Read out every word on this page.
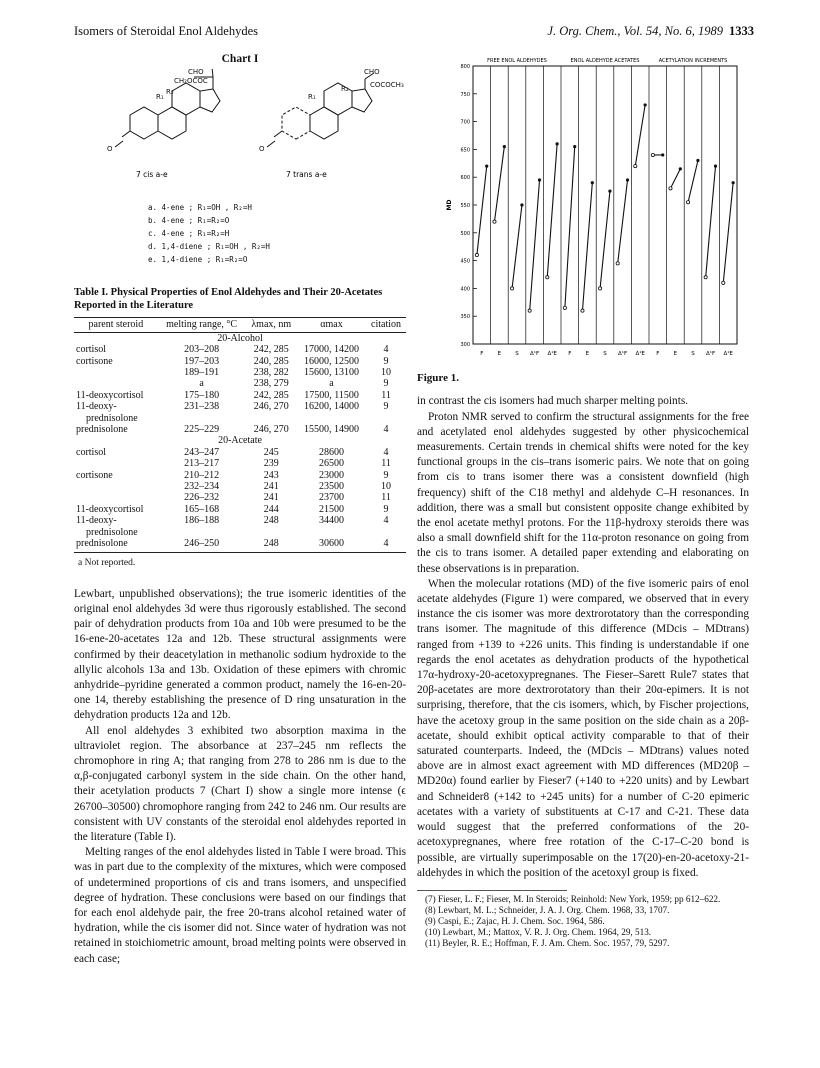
Isomers of Steroidal Enol Aldehydes	J. Org. Chem., Vol. 54, No. 6, 1989 1333
Chart I
CHO
CH₂OCOC
R₂
R₁
O
CHO
COCOCH₃
R₂
R₁
O
7 cis a-e	7 trans a-e
a. 4-ene ; R₁=OH , R₂=H
b. 4-ene ; R₁=R₂=O
c. 4-ene ; R₁=R₂=H
d. 1,4-diene ; R₁=OH , R₂=H
e. 1,4-diene ; R₁=R₂=O
Table I. Physical Properties of Enol Aldehydes and Their 20-Acetates Reported in the Literature
parent steroid	melting range, °C	λmax, nm	αmax	citation

20-Alcohol				
cortisol	203–208	242, 285	17000, 14200	4
cortisone	197–203	240, 285	16000, 12500	9
	189–191	238, 282	15600, 13100	10
	a	238, 279	a	9
11-deoxycortisol	175–180	242, 285	17500, 11500	11
11-deoxy-	231–238	246, 270	16200, 14000	9
 prednisolone				
prednisolone	225–229	246, 270	15500, 14900	4
20-Acetate				
cortisol	243–247	245	28600	4
	213–217	239	26500	11
cortisone	210–212	243	23000	9
	232–234	241	23500	10
	226–232	241	23700	11
11-deoxycortisol	165–168	244	21500	9
11-deoxy-	186–188	248	34400	4
 prednisolone				
prednisolone	246–250	248	30600	4
a Not reported.

Lewbart, unpublished observations); the true isomeric identities of the original enol aldehydes 3d were thus rigorously established. The second pair of dehydration products from 10a and 10b were presumed to be the 16-ene-20-acetates 12a and 12b. These structural assignments were confirmed by their deacetylation in methanolic sodium hydroxide to the allylic alcohols 13a and 13b. Oxidation of these epimers with chromic anhydride–pyridine generated a common product, namely the 16-en-20-one 14, thereby establishing the presence of D ring unsaturation in the dehydration products 12a and 12b.

All enol aldehydes 3 exhibited two absorption maxima in the ultraviolet region. The absorbance at 237–245 nm reflects the chromophore in ring A; that ranging from 278 to 286 nm is due to the α,β-conjugated carbonyl system in the side chain. On the other hand, their acetylation products 7 (Chart I) show a single more intense (ϵ 26700–30500) chromophore ranging from 242 to 246 nm. Our results are consistent with UV constants of the steroidal enol aldehydes reported in the literature (Table I).

Melting ranges of the enol aldehydes listed in Table I were broad. This was in part due to the complexity of the mixtures, which were composed of undetermined proportions of cis and trans isomers, and unspecified degree of hydration. These conclusions were based on our findings that for each enol aldehyde pair, the free 20-trans alcohol retained water of hydration, while the cis isomer did not. Since water of hydration was not retained in stoichiometric amount, broad melting points were observed in each case;

FREE ENOL ALDEHYDES	ENOL ALDEHYDE ACETATES	ACETYLATION INCREMENTS
300
350
400
450
500
550
600
650
700
750
800
MD
F	E	S Δ¹F Δ¹E F	E	S Δ¹F Δ¹E F	E	S Δ¹F Δ¹E
Figure 1.

in contrast the cis isomers had much sharper melting points.

Proton NMR served to confirm the structural assignments for the free and acetylated enol aldehydes suggested by other physicochemical measurements. Certain trends in chemical shifts were noted for the key functional groups in the cis–trans isomeric pairs. We note that on going from cis to trans isomer there was a consistent downfield (high frequency) shift of the C18 methyl and aldehyde C–H resonances. In addition, there was a small but consistent opposite change exhibited by the enol acetate methyl protons. For the 11β-hydroxy steroids there was also a small downfield shift for the 11α-proton resonance on going from the cis to trans isomer. A detailed paper extending and elaborating on these observations is in preparation.

When the molecular rotations (MD) of the five isomeric pairs of enol acetate aldehydes (Figure 1) were compared, we observed that in every instance the cis isomer was more dextrorotatory than the corresponding trans isomer. The magnitude of this difference (MDcis – MDtrans) ranged from +139 to +226 units. This finding is understandable if one regards the enol acetates as dehydration products of the hypothetical 17α-hydroxy-20-acetoxypregnanes. The Fieser–Sarett Rule7 states that 20β-acetates are more dextrorotatory than their 20α-epimers. It is not surprising, therefore, that the cis isomers, which, by Fischer projections, have the acetoxy group in the same position on the side chain as a 20β-acetate, should exhibit optical activity comparable to that of their saturated counterparts. Indeed, the (MDcis – MDtrans) values noted above are in almost exact agreement with MD differences (MD20β – MD20α) found earlier by Fieser7 (+140 to +220 units) and by Lewbart and Schneider8 (+142 to +245 units) for a number of C-20 epimeric acetates with a variety of substituents at C-17 and C-21. These data would suggest that the preferred conformations of the 20-acetoxypregnanes, where free rotation of the C-17–C-20 bond is possible, are virtually superimposable on the 17(20)-en-20-acetoxy-21-aldehydes in which the position of the acetoxyl group is fixed.

(7) Fieser, L. F.; Fieser, M. In Steroids; Reinhold: New York, 1959; pp 612–622.
(8) Lewbart, M. L.; Schneider, J. A. J. Org. Chem. 1968, 33, 1707.
(9) Caspi, E.; Zajac, H. J. Chem. Soc. 1964, 586.
(10) Lewbart, M.; Mattox, V. R. J. Org. Chem. 1964, 29, 513.
(11) Beyler, R. E.; Hoffman, F. J. Am. Chem. Soc. 1957, 79, 5297.
